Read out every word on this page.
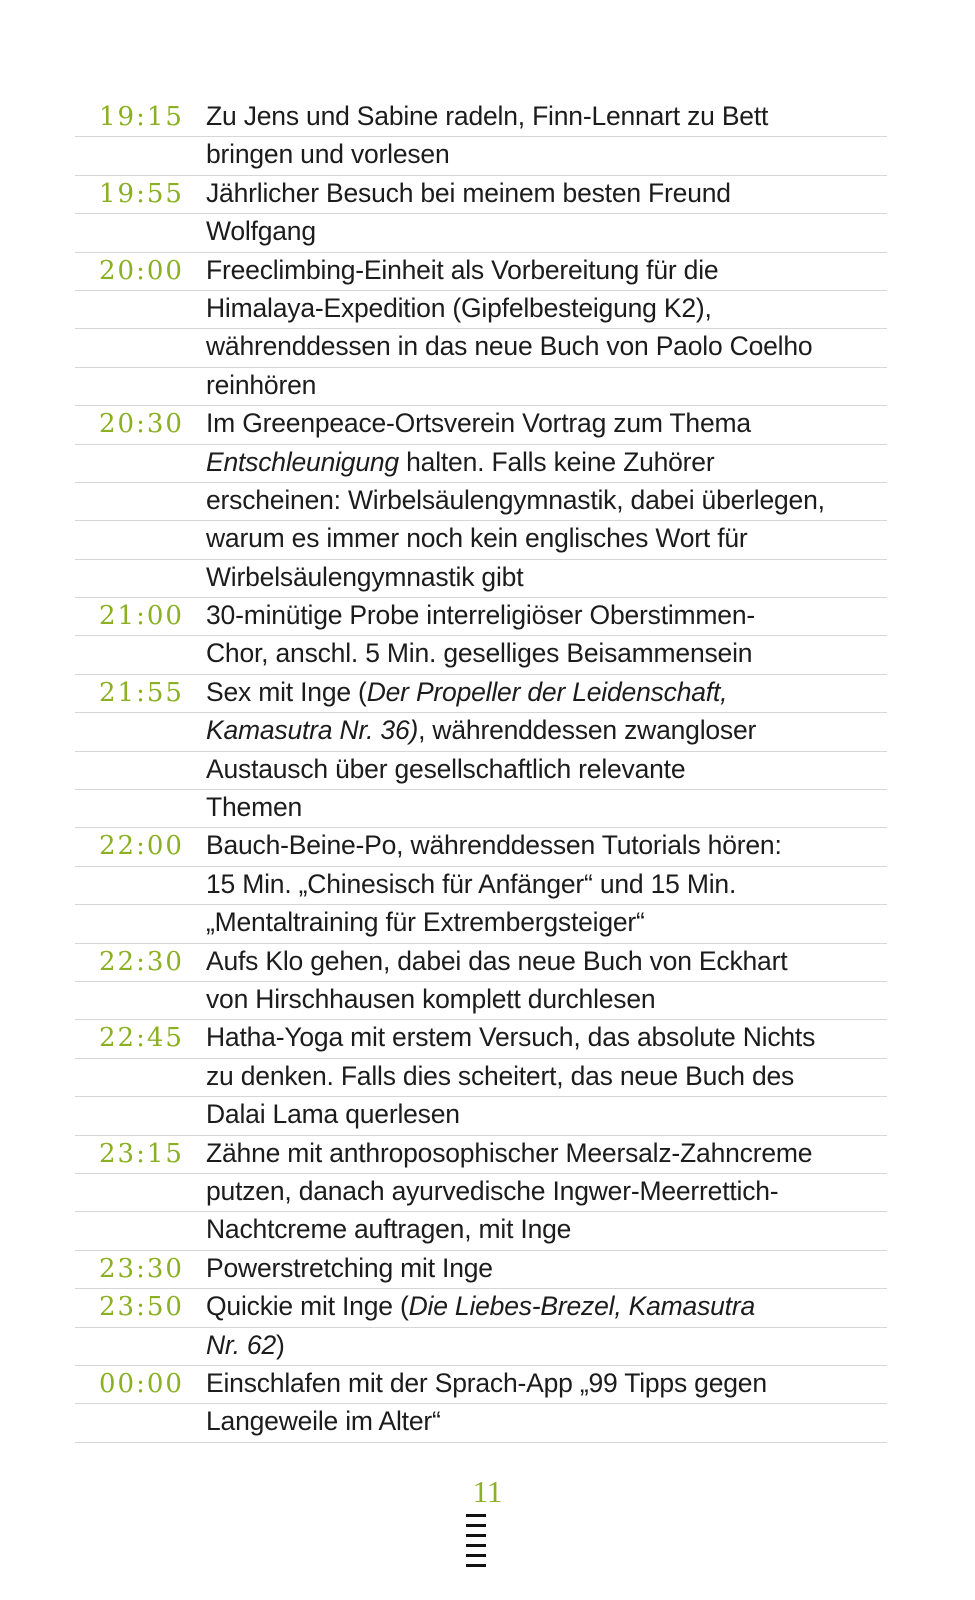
19:15 Zu Jens und Sabine radeln, Finn-Lennart zu Bett
bringen und vorlesen
19:55 Jährlicher Besuch bei meinem besten Freund
Wolfgang
20:00 Freeclimbing-Einheit als Vorbereitung für die
Himalaya-Expedition (Gipfelbesteigung K2),
währenddessen in das neue Buch von Paolo Coelho
reinhören
20:30 Im Greenpeace-Ortsverein Vortrag zum Thema
Entschleunigung halten. Falls keine Zuhörer
erscheinen: Wirbelsäulengymnastik, dabei überlegen,
warum es immer noch kein englisches Wort für
Wirbelsäulengymnastik gibt
21:00 30-minütige Probe interreligiöser Oberstimmen-
Chor, anschl. 5 Min. geselliges Beisammensein
21:55 Sex mit Inge (Der Propeller der Leidenschaft,
Kamasutra Nr. 36), währenddessen zwangloser
Austausch über gesellschaftlich relevante
Themen
22:00 Bauch-Beine-Po, währenddessen Tutorials hören:
15 Min. „Chinesisch für Anfänger“ und 15 Min.
„Mentaltraining für Extrembergsteiger“
22:30 Aufs Klo gehen, dabei das neue Buch von Eckhart
von Hirschhausen komplett durchlesen
22:45 Hatha-Yoga mit erstem Versuch, das absolute Nichts
zu denken. Falls dies scheitert, das neue Buch des
Dalai Lama querlesen
23:15 Zähne mit anthroposophischer Meersalz-Zahncreme
putzen, danach ayurvedische Ingwer-Meerrettich-
Nachtcreme auftragen, mit Inge
23:30 Powerstretching mit Inge
23:50 Quickie mit Inge (Die Liebes-Brezel, Kamasutra
Nr. 62)
00:00 Einschlafen mit der Sprach-App „99 Tipps gegen
Langeweile im Alter“
11
